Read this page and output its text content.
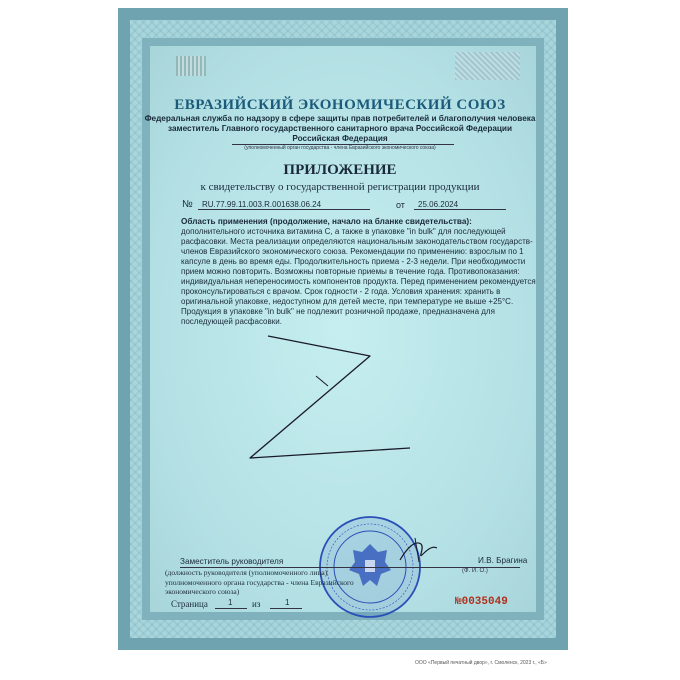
ЕВРАЗИЙСКИЙ ЭКОНОМИЧЕСКИЙ СОЮЗ
Федеральная служба по надзору в сфере защиты прав потребителей и благополучия человека
заместитель Главного государственного санитарного врача Российской Федерации
Российская Федерация
(уполномоченный орган государства - члена Евразийского экономического союза)
ПРИЛОЖЕНИЕ
к свидетельству о государственной регистрации продукции
№ RU.77.99.11.003.R.001638.06.24	от 25.06.2024
Область применения (продолжение, начало на бланке свидетельства):
дополнительного источника витамина С, а также в упаковке "in bulk" для последующей
расфасовки. Места реализации определяются национальным законодательством государств-
членов Евразийского экономического союза. Рекомендации по применению: взрослым по 1
капсуле в день во время еды. Продолжительность приема - 2-3 недели. При необходимости
прием можно повторить. Возможны повторные приемы в течение года. Противопоказания:
индивидуальная непереносимость компонентов продукта. Перед применением рекомендуется
проконсультироваться с врачом. Срок годности - 2 года. Условия хранения: хранить в
оригинальной упаковке, недоступном для детей месте, при температуре не выше +25°С.
Продукция в упаковке "in bulk" не подлежит розничной продаже, предназначена для
последующей расфасовки.
Заместитель руководителя	И.В. Брагина
(Ф. И. О.)
(должность руководителя (уполномоченного лица) уполномоченного органа государства - члена Евразийского экономического союза)
Страница	1 из	1	№0035049
ООО «Первый печатный двор», г. Смоленск, 2023 г., «Б»
